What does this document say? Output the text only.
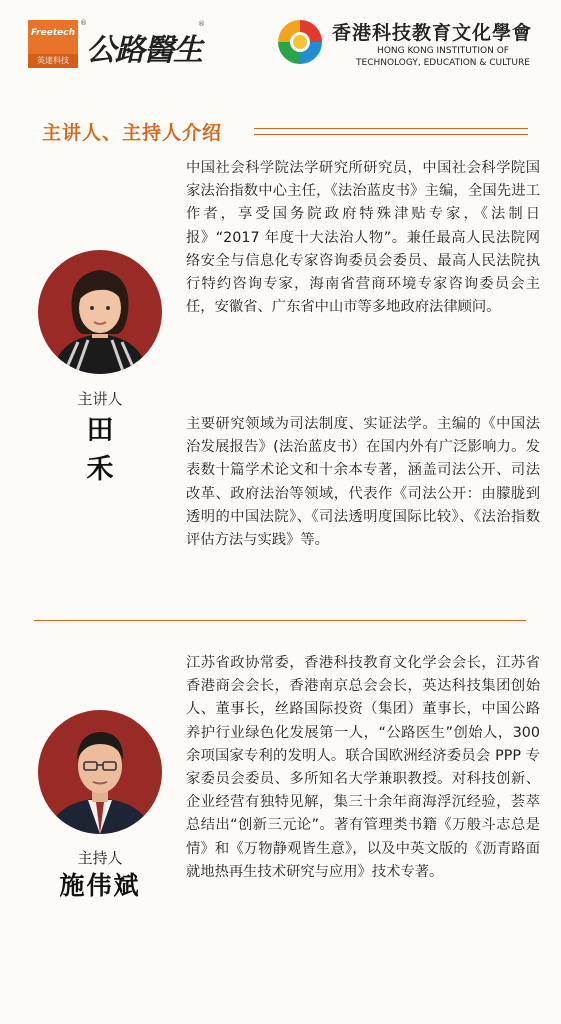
Freetech
英達科技
®
公路醫生
®	香港科技教育文化學會
HONG KONG INSTITUTION OF
TECHNOLOGY, EDUCATION & CULTURE
主讲人、主持人介绍
中国社会科学院法学研究所研究员，中国社会科学院国家法治指数中心主任，《法治蓝皮书》主编，全国先进工作者，享受国务院政府特殊津贴专家，《法制日报》“2017 年度十大法治人物”。兼任最高人民法院网络安全与信息化专家咨询委员会委员、最高人民法院执行特约咨询专家，海南省营商环境专家咨询委员会主任，安徽省、广东省中山市等多地政府法律顾问。
主讲人
田 禾
主要研究领域为司法制度、实证法学。主编的《中国法治发展报告》(法治蓝皮书）在国内外有广泛影响力。发表数十篇学术论文和十余本专著，涵盖司法公开、司法改革、政府法治等领域，代表作《司法公开：由朦胧到透明的中国法院》、《司法透明度国际比较》、《法治指数评估方法与实践》等。
江苏省政协常委，香港科技教育文化学会会长，江苏省香港商会会长，香港南京总会会长，英达科技集团创始人、董事长，丝路国际投资（集团）董事长，中国公路养护行业绿色化发展第一人，“公路医生”创始人，300 余项国家专利的发明人。联合国欧洲经济委员会 PPP 专家委员会委员、多所知名大学兼职教授。对科技创新、企业经营有独特见解，集三十余年商海浮沉经验，荟萃总结出“创新三元论”。著有管理类书籍《万般斗志总是情》和《万物静观皆生意》，以及中英文版的《沥青路面就地热再生技术研究与应用》技术专著。
主持人
施伟斌
